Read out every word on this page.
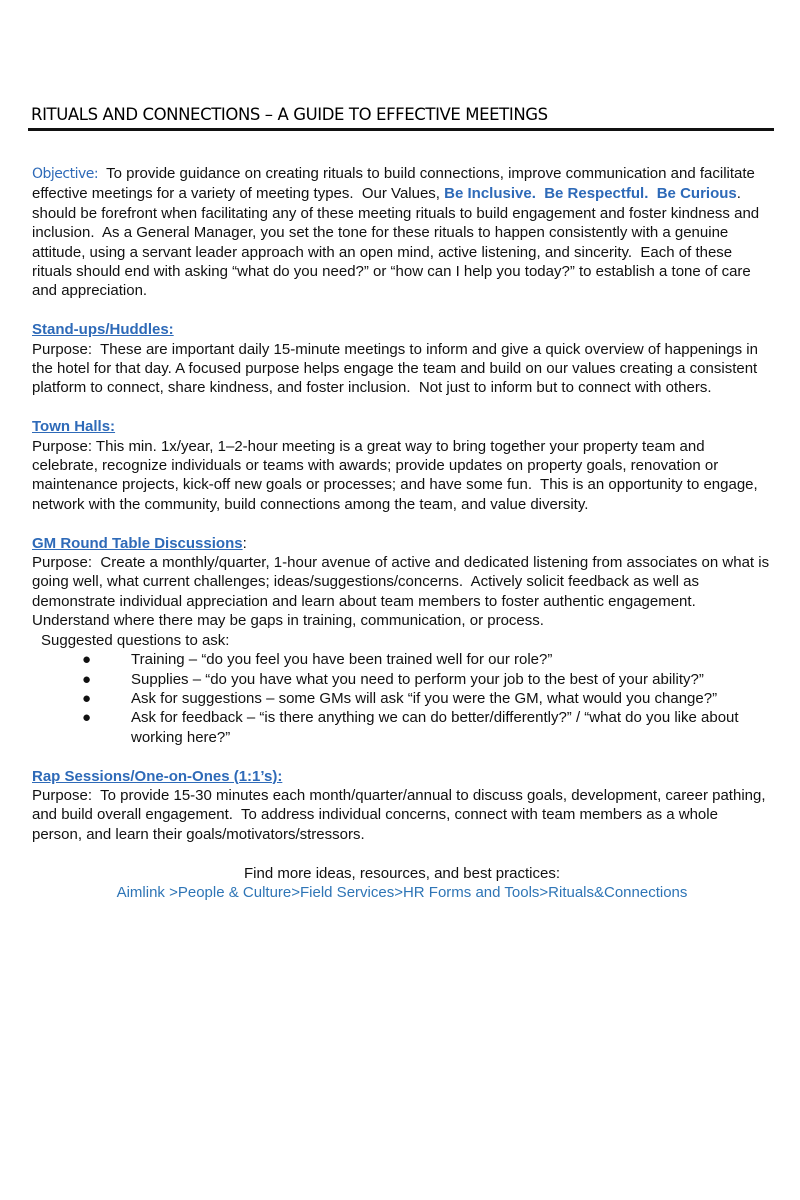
RITUALS AND CONNECTIONS – A GUIDE TO EFFECTIVE MEETINGS

Objective:  To provide guidance on creating rituals to build connections, improve communication and facilitate effective meetings for a variety of meeting types.  Our Values, Be Inclusive.  Be Respectful.  Be Curious. should be forefront when facilitating any of these meeting rituals to build engagement and foster kindness and inclusion.  As a General Manager, you set the tone for these rituals to happen consistently with a genuine attitude, using a servant leader approach with an open mind, active listening, and sincerity.  Each of these rituals should end with asking “what do you need?” or “how can I help you today?” to establish a tone of care and appreciation.

Stand-ups/Huddles:

Purpose:  These are important daily 15-minute meetings to inform and give a quick overview of happenings in the hotel for that day. A focused purpose helps engage the team and build on our values creating a consistent platform to connect, share kindness, and foster inclusion.  Not just to inform but to connect with others.

Town Halls:

Purpose: This min. 1x/year, 1–2-hour meeting is a great way to bring together your property team and celebrate, recognize individuals or teams with awards; provide updates on property goals, renovation or maintenance projects, kick-off new goals or processes; and have some fun.  This is an opportunity to engage, network with the community, build connections among the team, and value diversity.

GM Round Table Discussions:

Purpose:  Create a monthly/quarter, 1-hour avenue of active and dedicated listening from associates on what is going well, what current challenges; ideas/suggestions/concerns.  Actively solicit feedback as well as demonstrate individual appreciation and learn about team members to foster authentic engagement.  Understand where there may be gaps in training, communication, or process.

Suggested questions to ask:

●	Training – “do you feel you have been trained well for our role?”
●	Supplies – “do you have what you need to perform your job to the best of your ability?”
●	Ask for suggestions – some GMs will ask “if you were the GM, what would you change?”
●	Ask for feedback – “is there anything we can do better/differently?” / “what do you like about working here?”

Rap Sessions/One-on-Ones (1:1’s):

Purpose:  To provide 15-30 minutes each month/quarter/annual to discuss goals, development, career pathing, and build overall engagement.  To address individual concerns, connect with team members as a whole person, and learn their goals/motivators/stressors.

Find more ideas, resources, and best practices:

Aimlink >People & Culture>Field Services>HR Forms and Tools>Rituals&Connections
